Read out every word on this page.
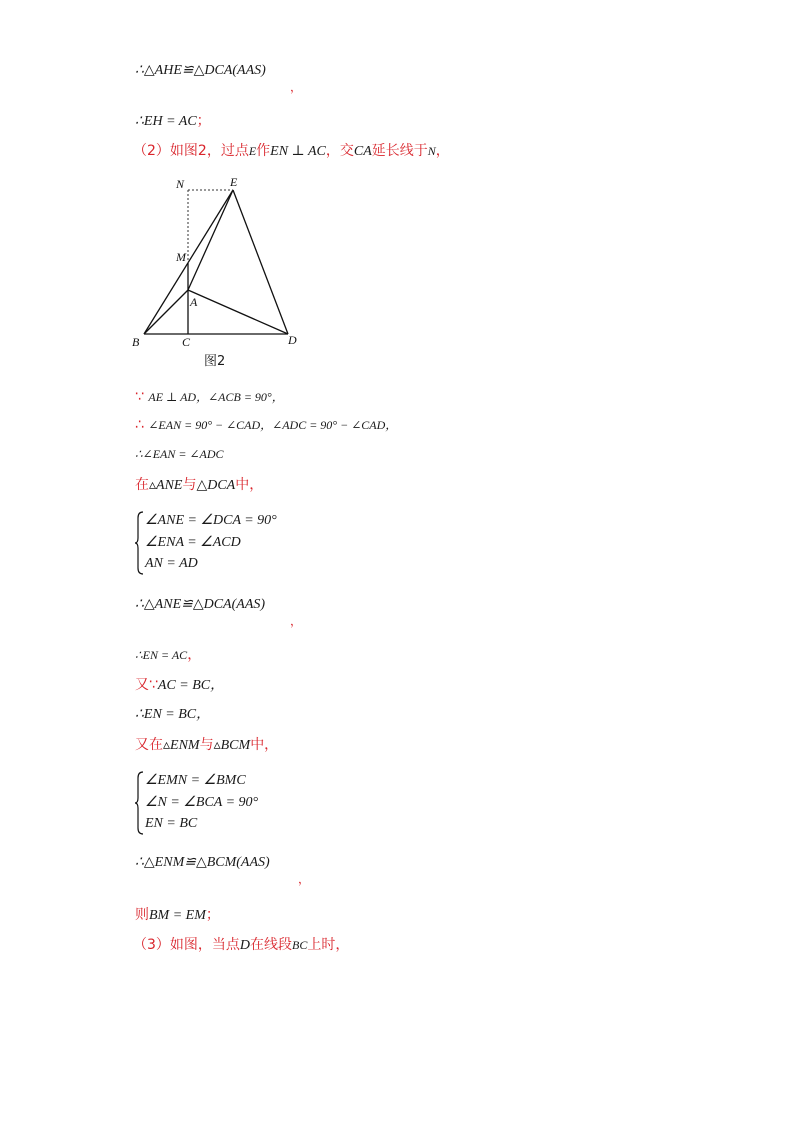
∴△AHE≌△DCA(AAS)
，
∴EH = AC；
（2）如图2，过点E作EN ⊥ AC，交CA延长线于N，
N	E
M
A
B	C	D
图2
∵ AE ⊥ AD，∠ACB = 90°，
∴ ∠EAN = 90° − ∠CAD，∠ADC = 90° − ∠CAD，
∴∠EAN = ∠ADC
在▵ANE与△DCA中，
∠ANE = ∠DCA = 90°
∠ENA = ∠ACD
AN = AD
∴△ANE≌△DCA(AAS)
，
∴EN = AC，
又∵AC = BC，
∴EN = BC，
又在▵ENM与▵BCM中，
∠EMN = ∠BMC
∠N = ∠BCA = 90°
EN = BC
∴△ENM≌△BCM(AAS)
，
则BM = EM；
（3）如图，当点D在线段BC上时，
